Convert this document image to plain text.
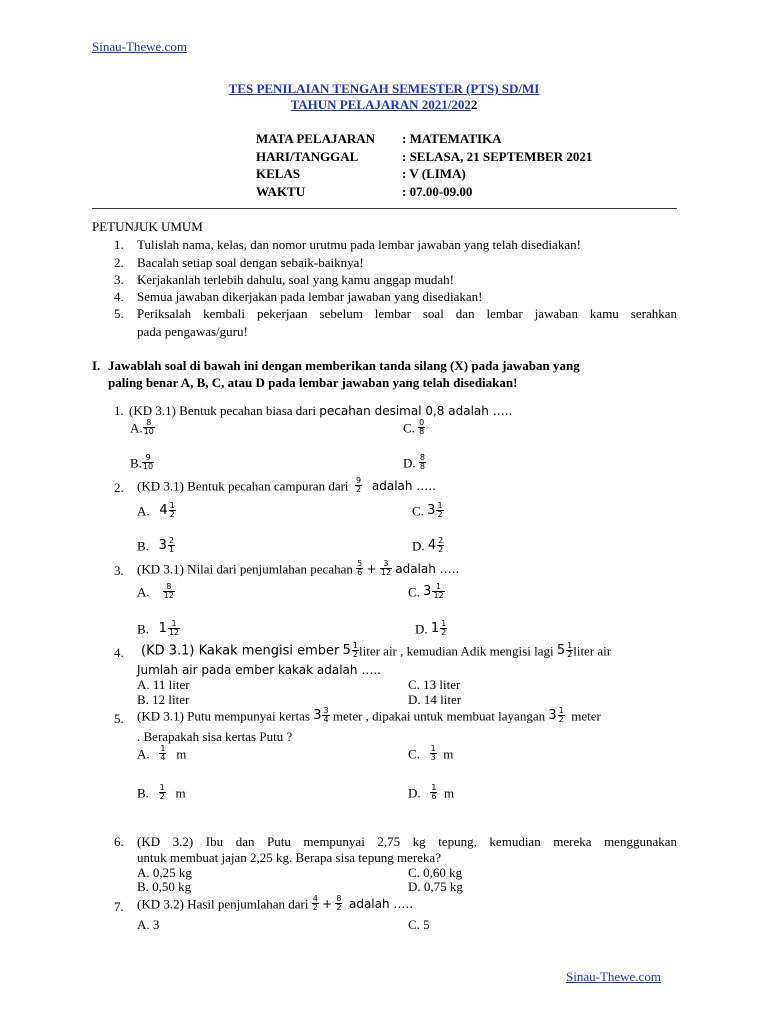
Sinau-Thewe.com
TES PENILAIAN TENGAH SEMESTER (PTS) SD/MI
TAHUN PELAJARAN 2021/2022
MATA PELAJARAN : MATEMATIKA
HARI/TANGGAL	: SELASA, 21 SEPTEMBER 2021
KELAS	: V (LIMA)
WAKTU	: 07.00-09.00
PETUNJUK UMUM
1. Tulislah nama, kelas, dan nomor urutmu pada lembar jawaban yang telah disediakan!
2. Bacalah setiap soal dengan sebaik-baiknya!
3. Kerjakanlah terlebih dahulu, soal yang kamu anggap mudah!
4. Semua jawaban dikerjakan pada lembar jawaban yang disediakan!
5. Periksalah kembali pekerjaan sebelum lembar soal dan lembar jawaban kamu serahkan
pada pengawas/guru!
I. Jawablah soal di bawah ini dengan memberikan tanda silang (X) pada jawaban yang
paling benar A, B, C, atau D pada lembar jawaban yang telah disediakan!
1. (KD 3.1) Bentuk pecahan biasa dari pecahan desimal 0,8 adalah …..
A. $\frac{8}{10}$	C. $\frac{0}{8}$
B. $\frac{9}{10}$	D. $\frac{8}{8}$
2. (KD 3.1) Bentuk pecahan campuran dari $\frac{9}{2}$ adalah …..
A. $4 \frac{1}{2}$	C. $3 \frac{1}{2}$
B. $3 \frac{2}{1}$	D. $4 \frac{2}{2}$
3. (KD 3.1) Nilai dari penjumlahan pecahan $\frac{5}{6} + \frac{3}{12}$ adalah …..
A. $\frac{8}{12}$	C. $3 \frac{1}{12}$
B. $1 \frac{1}{12}$	D. $1 \frac{1}{2}$
4. (KD 3.1) Kakak mengisi ember $5 \frac{1}{2}$ liter air , kemudian Adik mengisi lagi $5 \frac{1}{2}$ liter air
Jumlah air pada ember kakak adalah …..
A. 11 liter	C. 13 liter
B. 12 liter	D. 14 liter
5. (KD 3.1) Putu mempunyai kertas $3 \frac{3}{4}$ meter , dipakai untuk membuat layangan $3 \frac{1}{2}$ meter
. Berapakah sisa kertas Putu ?
A. $\frac{1}{4}$ m	C. $\frac{1}{3}$ m
B. $\frac{1}{2}$ m	D. $\frac{1}{6}$ m
6. (KD 3.2) Ibu dan Putu mempunyai 2,75 kg tepung, kemudian mereka menggunakan
untuk membuat jajan 2,25 kg. Berapa sisa tepung mereka?
A. 0,25 kg	C. 0,60 kg
B. 0,50 kg	D. 0,75 kg
7. (KD 3.2) Hasil penjumlahan dari $\frac{4}{2} + \frac{8}{2}$ adalah …..
A. 3	C. 5
Sinau-Thewe.com
